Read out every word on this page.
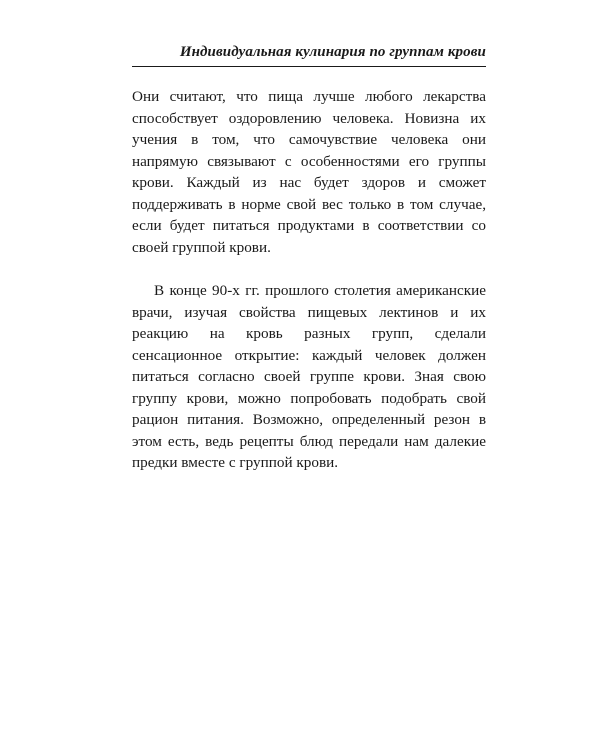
Индивидуальная кулинария по группам крови

Они считают, что пища лучше любого лекарства способствует оздоровлению человека. Новизна их учения в том, что самочувствие человека они напрямую связывают с особенностями его группы крови. Каждый из нас будет здоров и сможет поддерживать в норме свой вес только в том случае, если будет питаться продуктами в соответствии со своей группой крови.

В конце 90-х гг. прошлого столетия американские врачи, изучая свойства пищевых лектинов и их реакцию на кровь разных групп, сделали сенсационное открытие: каждый человек должен питаться согласно своей группе крови. Зная свою группу крови, можно попробовать подобрать свой рацион питания. Возможно, определенный резон в этом есть, ведь рецепты блюд передали нам далекие предки вместе с группой крови.
